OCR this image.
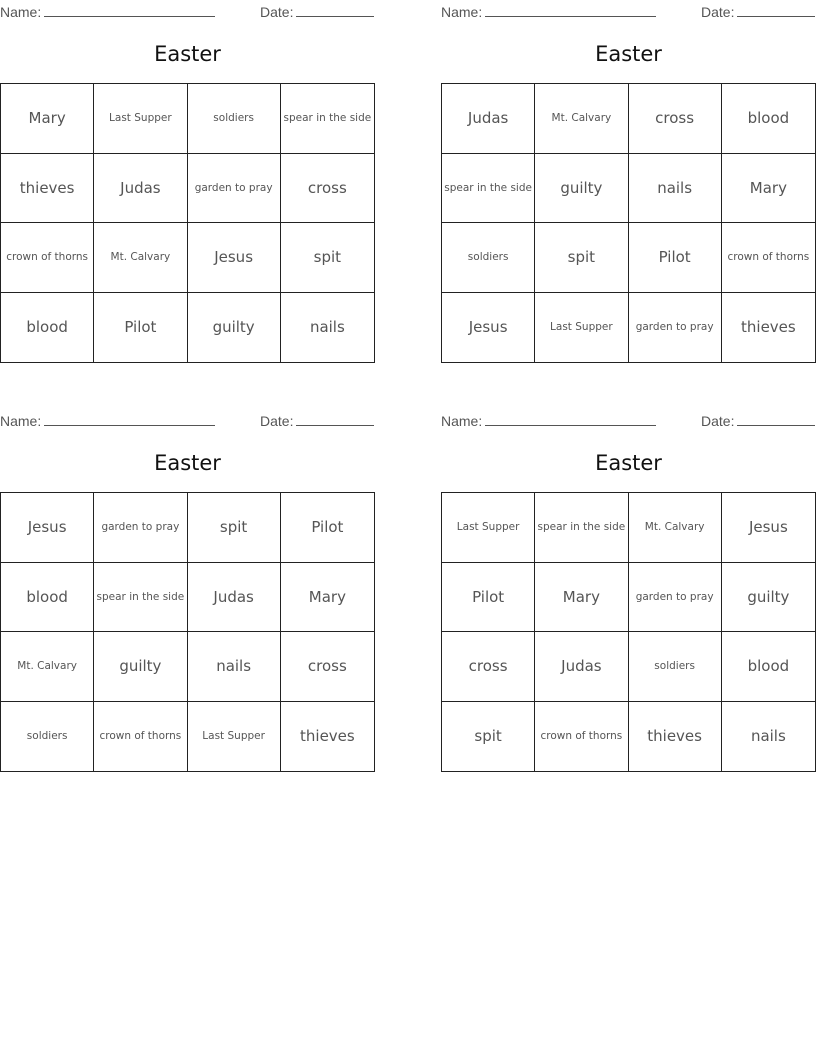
Name:	Date:
Easter
Mary	Last Supper	soldiers	spear in the side
thieves	Judas	garden to pray	cross
crown of thorns	Mt. Calvary	Jesus	spit
blood	Pilot	guilty	nails
Name:	Date:
Easter
Judas	Mt. Calvary	cross	blood
spear in the side	guilty	nails	Mary
soldiers	spit	Pilot	crown of thorns
Jesus	Last Supper	garden to pray	thieves
Name:	Date:
Easter
Jesus	garden to pray	spit	Pilot
blood	spear in the side	Judas	Mary
Mt. Calvary	guilty	nails	cross
soldiers	crown of thorns	Last Supper	thieves
Name:	Date:
Easter
Last Supper	spear in the side	Mt. Calvary	Jesus
Pilot	Mary	garden to pray	guilty
cross	Judas	soldiers	blood
spit	crown of thorns	thieves	nails
